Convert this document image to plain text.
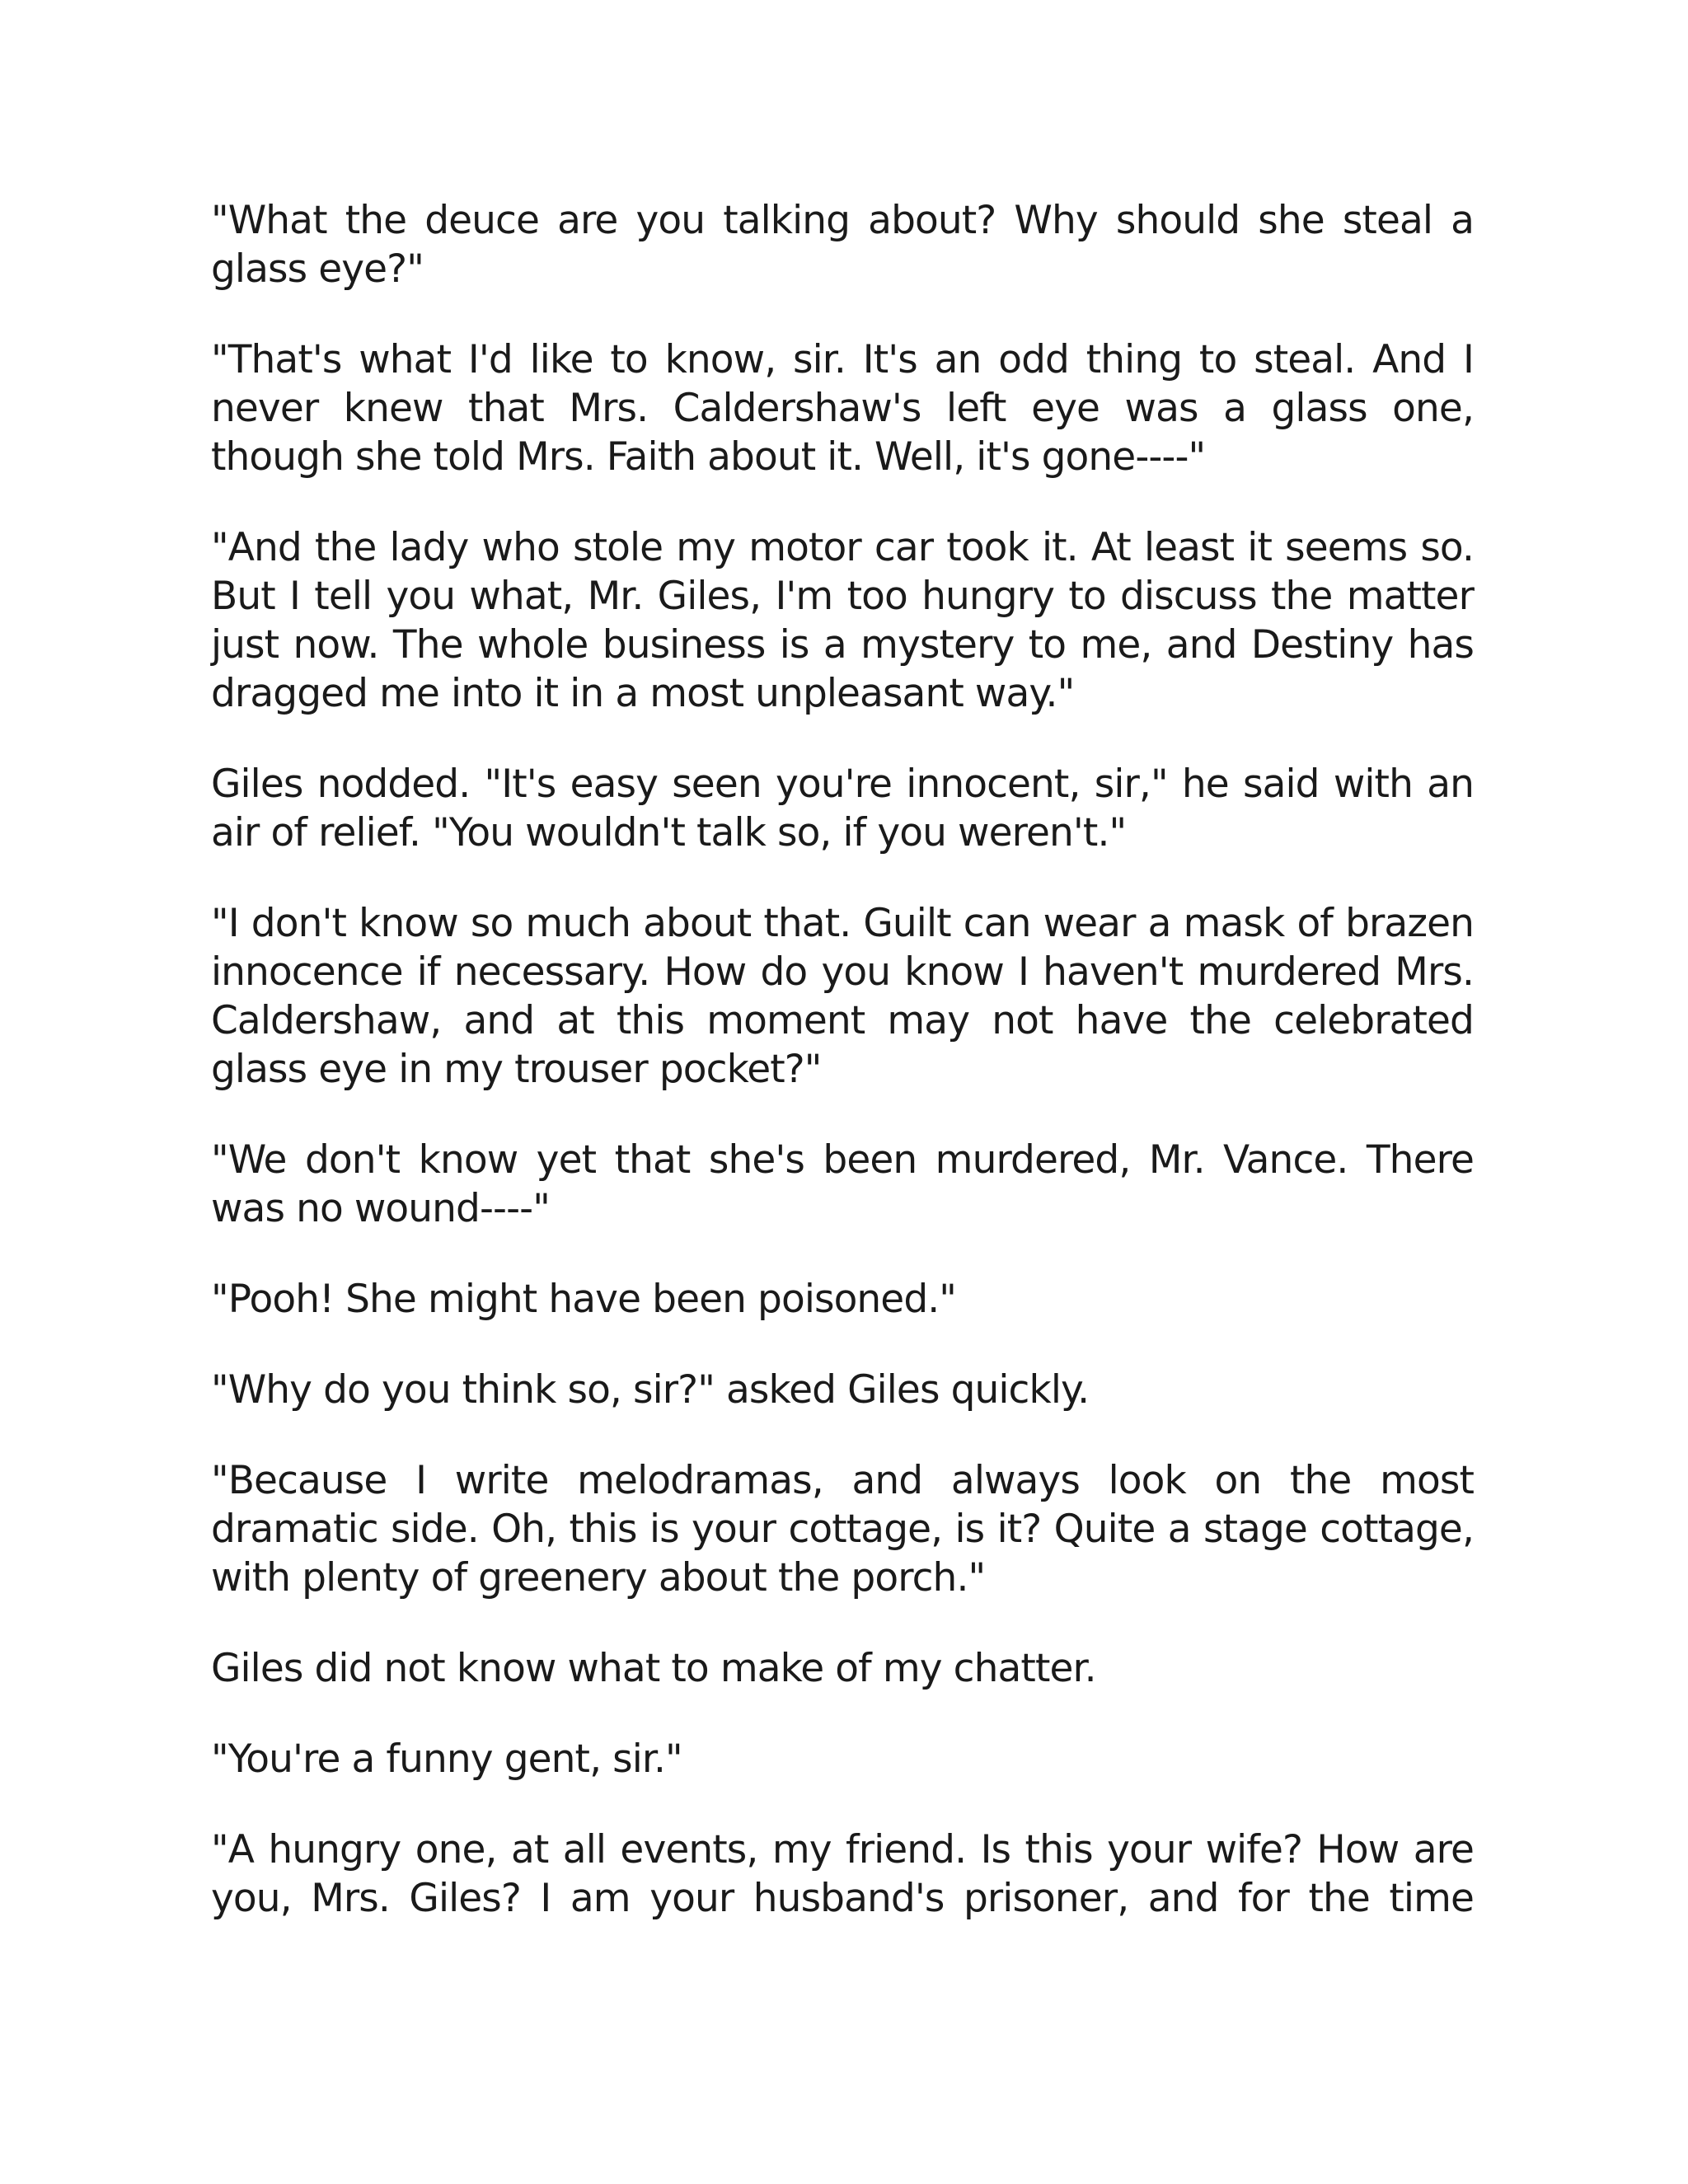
"What the deuce are you talking about? Why should she steal a glass eye?"

"That's what I'd like to know, sir. It's an odd thing to steal. And I never knew that Mrs. Caldershaw's left eye was a glass one, though she told Mrs. Faith about it. Well, it's gone----"

"And the lady who stole my motor car took it. At least it seems so. But I tell you what, Mr. Giles, I'm too hungry to discuss the matter just now. The whole business is a mystery to me, and Destiny has dragged me into it in a most unpleasant way."

Giles nodded. "It's easy seen you're innocent, sir," he said with an air of relief. "You wouldn't talk so, if you weren't."

"I don't know so much about that. Guilt can wear a mask of brazen innocence if necessary. How do you know I haven't murdered Mrs. Caldershaw, and at this moment may not have the celebrated glass eye in my trouser pocket?"

"We don't know yet that she's been murdered, Mr. Vance. There was no wound----"

"Pooh! She might have been poisoned."

"Why do you think so, sir?" asked Giles quickly.

"Because I write melodramas, and always look on the most dramatic side. Oh, this is your cottage, is it? Quite a stage cottage, with plenty of greenery about the porch."

Giles did not know what to make of my chatter.

"You're a funny gent, sir."

"A hungry one, at all events, my friend. Is this your wife? How are you, Mrs. Giles? I am your husband's prisoner, and for the time
